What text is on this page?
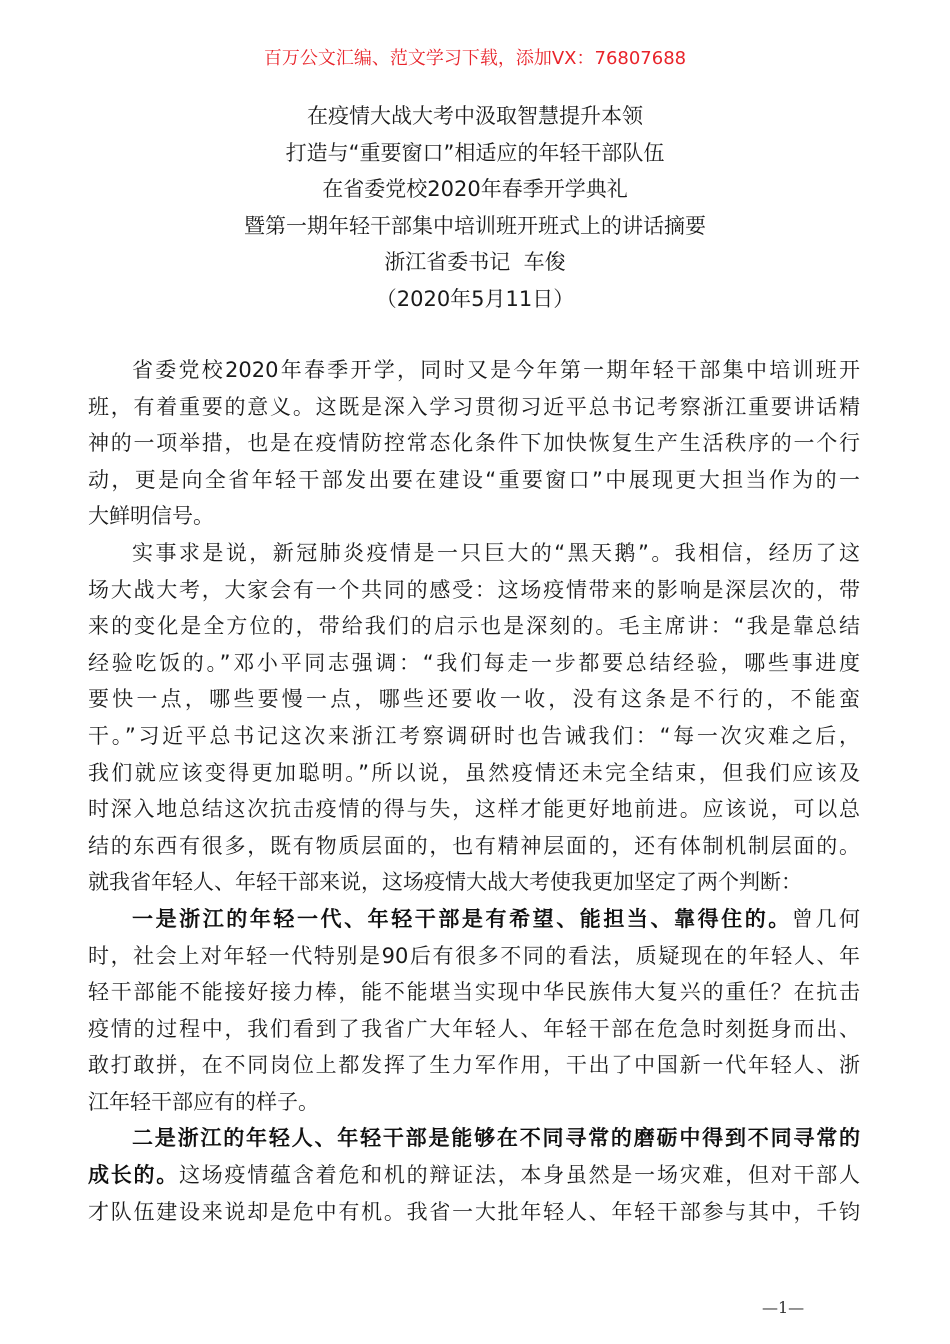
百万公文汇编、范文学习下载，添加VX：76807688
在疫情大战大考中汲取智慧提升本领
打造与“重要窗口”相适应的年轻干部队伍
在省委党校2020年春季开学典礼
暨第一期年轻干部集中培训班开班式上的讲话摘要
浙江省委书记  车俊
（2020年5月11日）
省委党校2020年春季开学，同时又是今年第一期年轻干部集中培训班开
班，有着重要的意义。这既是深入学习贯彻习近平总书记考察浙江重要讲话精
神的一项举措，也是在疫情防控常态化条件下加快恢复生产生活秩序的一个行
动，更是向全省年轻干部发出要在建设“重要窗口”中展现更大担当作为的一
大鲜明信号。
实事求是说，新冠肺炎疫情是一只巨大的“黑天鹅”。我相信，经历了这
场大战大考，大家会有一个共同的感受：这场疫情带来的影响是深层次的，带
来的变化是全方位的，带给我们的启示也是深刻的。毛主席讲：“我是靠总结
经验吃饭的。”邓小平同志强调：“我们每走一步都要总结经验，哪些事进度
要快一点，哪些要慢一点，哪些还要收一收，没有这条是不行的，不能蛮
干。”习近平总书记这次来浙江考察调研时也告诫我们：“每一次灾难之后，
我们就应该变得更加聪明。”所以说，虽然疫情还未完全结束，但我们应该及
时深入地总结这次抗击疫情的得与失，这样才能更好地前进。应该说，可以总
结的东西有很多，既有物质层面的，也有精神层面的，还有体制机制层面的。
就我省年轻人、年轻干部来说，这场疫情大战大考使我更加坚定了两个判断：
一是浙江的年轻一代、年轻干部是有希望、能担当、靠得住的。曾几何
时，社会上对年轻一代特别是90后有很多不同的看法，质疑现在的年轻人、年
轻干部能不能接好接力棒，能不能堪当实现中华民族伟大复兴的重任？在抗击
疫情的过程中，我们看到了我省广大年轻人、年轻干部在危急时刻挺身而出、
敢打敢拼，在不同岗位上都发挥了生力军作用，干出了中国新一代年轻人、浙
江年轻干部应有的样子。
二是浙江的年轻人、年轻干部是能够在不同寻常的磨砺中得到不同寻常的
成长的。这场疫情蕴含着危和机的辩证法，本身虽然是一场灾难，但对干部人
才队伍建设来说却是危中有机。我省一大批年轻人、年轻干部参与其中，千钧
—1—
